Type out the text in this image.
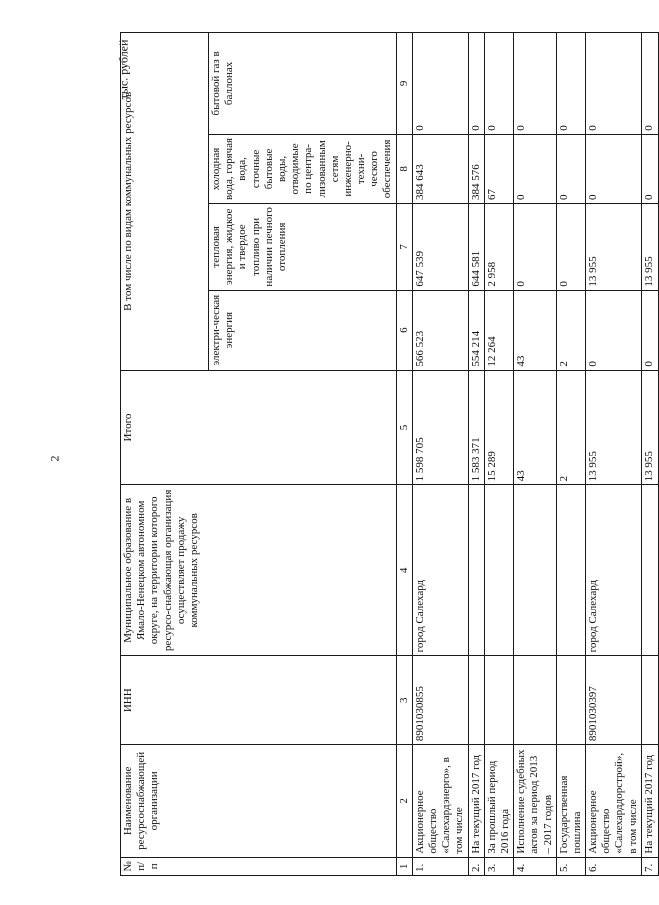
2
тыс. рублей
№ п/п	Наименование ресурсоснабжающей организации	ИНН	Муниципальное образование в Ямало-Ненецком автономном округе, на территории которого ресурсо-снабжающая организация осуществляет продажу коммунальных ресурсов	Итого	В том числе по видам коммунальных ресурсов			
					электри-ческая энергия	тепловая энергия, жидкое и твердое топливо при наличии печного отопления	холодная вода, горячая вода, сточные бытовые воды, отводимые по центра-лизованным сетям инженерно-техни-ческого обеспечения	бытовой газ в баллонах
1	2	3	4	5	6	7	8	9
1.	Акционерное общество «Салехардэнерго», в том числе	8901030855	город Салехард	1 598 705	566 523	647 539	384 643	0
2.	На текущий 2017 год			1 583 371	554 214	644 581	384 576	0
3.	За прошлый период 2016 года			15 289	12 264	2 958	67	0
4.	Исполнение судебных актов за период 2013 – 2017 годов			43	43	0	0	0
5.	Государственная пошлина			2	2	0	0	0
6.	Акционерное общество «Салехарддорстрой», в том числе	8901030397	город Салехард	13 955	0	13 955	0	0
7.	На текущий 2017 год			13 955	0	13 955	0	0
